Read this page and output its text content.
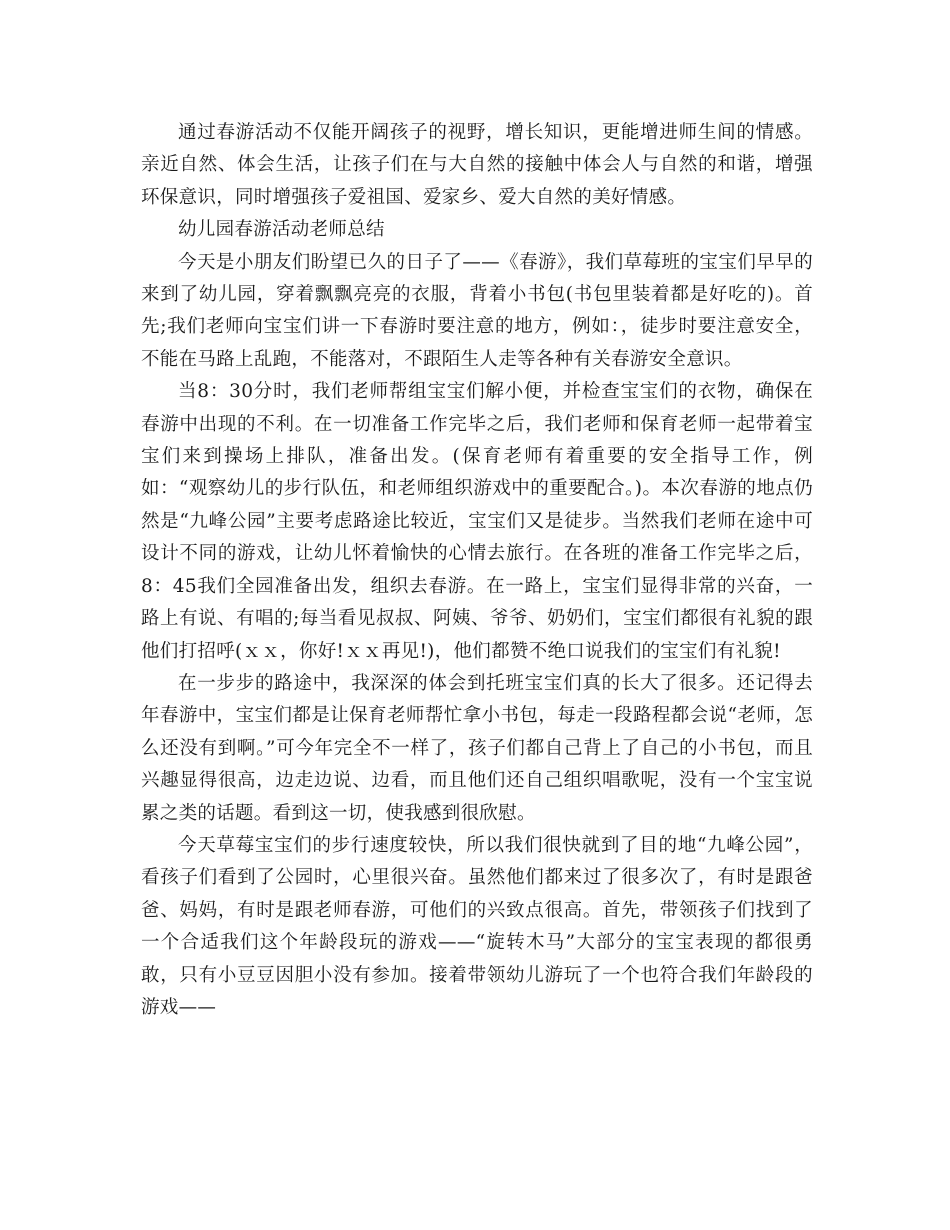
通过春游活动不仅能开阔孩子的视野，增长知识，更能增进师生间的情感。亲近自然、体会生活，让孩子们在与大自然的接触中体会人与自然的和谐，增强环保意识，同时增强孩子爱祖国、爱家乡、爱大自然的美好情感。

幼儿园春游活动老师总结

今天是小朋友们盼望已久的日子了——《春游》，我们草莓班的宝宝们早早的来到了幼儿园，穿着飘飘亮亮的衣服，背着小书包(书包里装着都是好吃的)。首先;我们老师向宝宝们讲一下春游时要注意的地方，例如：，徒步时要注意安全，不能在马路上乱跑，不能落对，不跟陌生人走等各种有关春游安全意识。

当8：30分时，我们老师帮组宝宝们解小便，并检查宝宝们的衣物，确保在春游中出现的不利。在一切准备工作完毕之后，我们老师和保育老师一起带着宝宝们来到操场上排队，准备出发。(保育老师有着重要的安全指导工作，例如：“观察幼儿的步行队伍，和老师组织游戏中的重要配合。)。本次春游的地点仍然是“九峰公园”主要考虑路途比较近，宝宝们又是徒步。当然我们老师在途中可设计不同的游戏，让幼儿怀着愉快的心情去旅行。在各班的准备工作完毕之后，8：45我们全园准备出发，组织去春游。在一路上，宝宝们显得非常的兴奋，一路上有说、有唱的;每当看见叔叔、阿姨、爷爷、奶奶们，宝宝们都很有礼貌的跟他们打招呼(ｘｘ，你好!ｘｘ再见!)，他们都赞不绝口说我们的宝宝们有礼貌!

在一步步的路途中，我深深的体会到托班宝宝们真的长大了很多。还记得去年春游中，宝宝们都是让保育老师帮忙拿小书包，每走一段路程都会说“老师，怎么还没有到啊。”可今年完全不一样了，孩子们都自己背上了自己的小书包，而且兴趣显得很高，边走边说、边看，而且他们还自己组织唱歌呢，没有一个宝宝说累之类的话题。看到这一切，使我感到很欣慰。

今天草莓宝宝们的步行速度较快，所以我们很快就到了目的地“九峰公园”，看孩子们看到了公园时，心里很兴奋。虽然他们都来过了很多次了，有时是跟爸爸、妈妈，有时是跟老师春游，可他们的兴致点很高。首先，带领孩子们找到了一个合适我们这个年龄段玩的游戏——“旋转木马”大部分的宝宝表现的都很勇敢，只有小豆豆因胆小没有参加。接着带领幼儿游玩了一个也符合我们年龄段的游戏——
